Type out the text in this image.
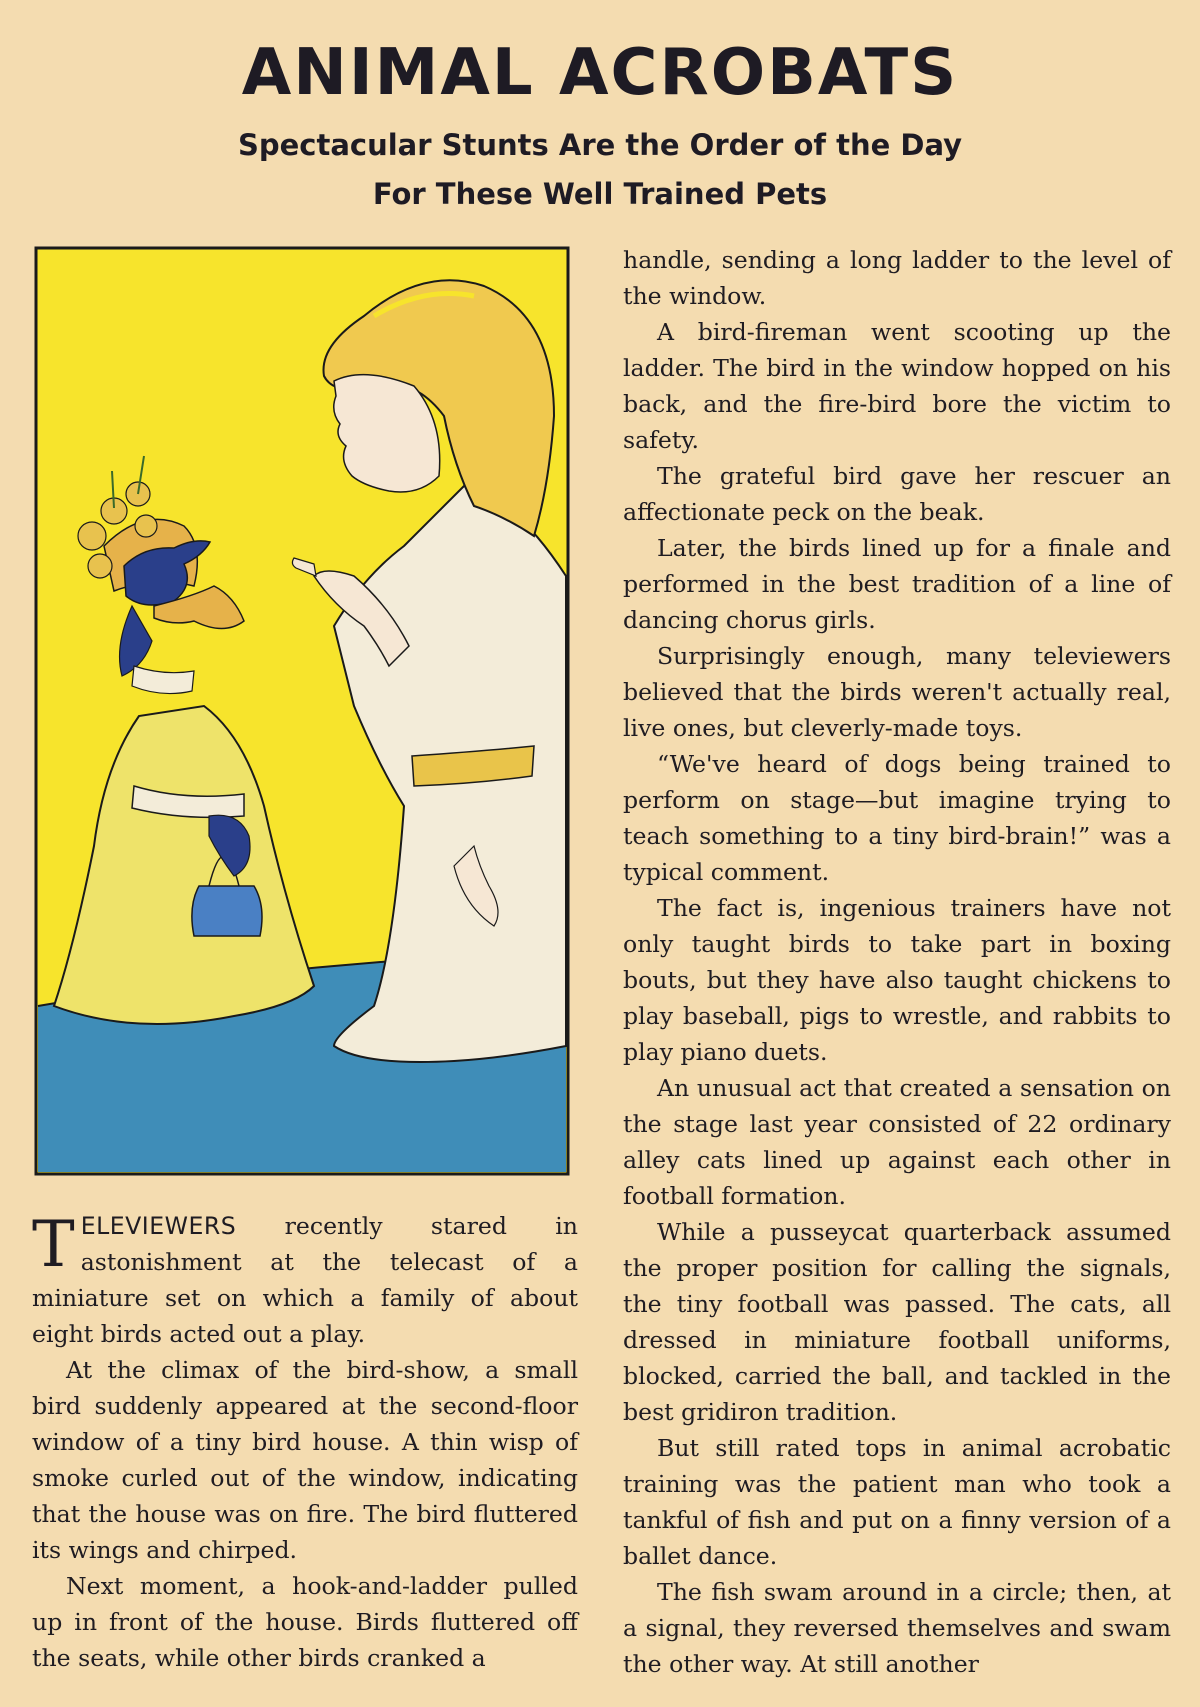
ANIMAL ACROBATS
Spectacular Stunts Are the Order of the Day
For These Well Trained Pets

TELEVIEWERS recently stared in astonishment at the telecast of a miniature set on which a family of about eight birds acted out a play.

At the climax of the bird-show, a small bird suddenly appeared at the second-floor window of a tiny bird house. A thin wisp of smoke curled out of the window, indicating that the house was on fire. The bird fluttered its wings and chirped.

Next moment, a hook-and-ladder pulled up in front of the house. Birds fluttered off the seats, while other birds cranked a

handle, sending a long ladder to the level of the window.

A bird-fireman went scooting up the ladder. The bird in the window hopped on his back, and the fire-bird bore the victim to safety.

The grateful bird gave her rescuer an affectionate peck on the beak.

Later, the birds lined up for a finale and performed in the best tradition of a line of dancing chorus girls.

Surprisingly enough, many televiewers believed that the birds weren't actually real, live ones, but cleverly-made toys.

“We've heard of dogs being trained to perform on stage—but imagine trying to teach something to a tiny bird-brain!” was a typical comment.

The fact is, ingenious trainers have not only taught birds to take part in boxing bouts, but they have also taught chickens to play baseball, pigs to wrestle, and rabbits to play piano duets.

An unusual act that created a sensation on the stage last year consisted of 22 ordinary alley cats lined up against each other in football formation.

While a pusseycat quarterback assumed the proper position for calling the signals, the tiny football was passed. The cats, all dressed in miniature football uniforms, blocked, carried the ball, and tackled in the best gridiron tradition.

But still rated tops in animal acrobatic training was the patient man who took a tankful of fish and put on a finny version of a ballet dance.

The fish swam around in a circle; then, at a signal, they reversed themselves and swam the other way. At still another
